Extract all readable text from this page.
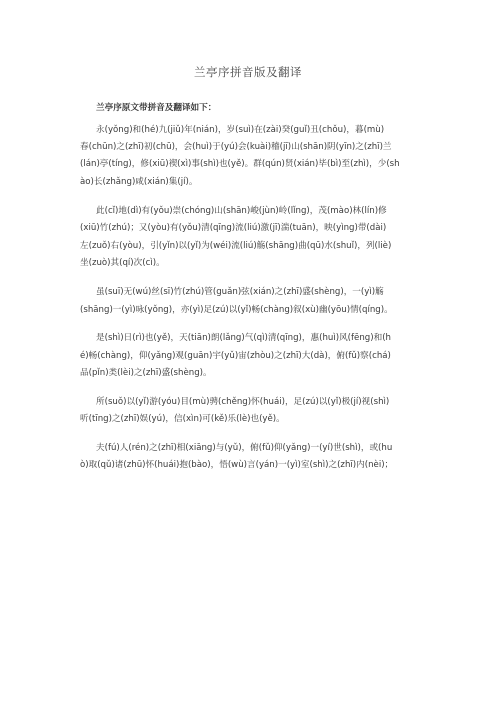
兰亭序拼音版及翻译
兰亭序原文带拼音及翻译如下：
永(yǒng)和(hé)九(jiǔ)年(nián)，岁(suì)在(zài)癸(guǐ)丑(chǒu)，暮(mù)
春(chūn)之(zhī)初(chū)，会(huì)于(yú)会(kuài)稽(jī)山(shān)阴(yīn)之(zhī)兰
(lán)亭(tíng)，修(xiū)禊(xì)事(shì)也(yě)。群(qún)贤(xián)毕(bì)至(zhì)，少(sh
ào)长(zhǎng)咸(xián)集(jí)。
此(cǐ)地(dì)有(yǒu)崇(chóng)山(shān)峻(jùn)岭(lǐng)，茂(mào)林(lín)修
(xiū)竹(zhú)；又(yòu)有(yǒu)清(qīng)流(liú)激(jī)湍(tuān)，映(yìng)带(dài)
左(zuǒ)右(yòu)，引(yǐn)以(yǐ)为(wéi)流(liú)觞(shāng)曲(qū)水(shuǐ)，列(liè)
坐(zuò)其(qí)次(cì)。
虽(suī)无(wú)丝(sī)竹(zhú)管(guǎn)弦(xián)之(zhī)盛(shèng)，一(yì)觞
(shāng)一(yì)咏(yǒng)，亦(yì)足(zú)以(yǐ)畅(chàng)叙(xù)幽(yōu)情(qíng)。
是(shì)日(rì)也(yě)，天(tiān)朗(lǎng)气(qì)清(qīng)，惠(huì)风(fēng)和(h
é)畅(chàng)，仰(yǎng)观(guān)宇(yǔ)宙(zhòu)之(zhī)大(dà)，俯(fǔ)察(chá)
品(pǐn)类(lèi)之(zhī)盛(shèng)。
所(suǒ)以(yǐ)游(yóu)目(mù)骋(chěng)怀(huái)，足(zú)以(yǐ)极(jí)视(shì)
听(tīng)之(zhī)娱(yú)，信(xìn)可(kě)乐(lè)也(yě)。
夫(fú)人(rén)之(zhī)相(xiāng)与(yǔ)，俯(fǔ)仰(yǎng)一(yí)世(shì)，或(hu
ò)取(qǔ)诸(zhū)怀(huái)抱(bào)，悟(wù)言(yán)一(yì)室(shì)之(zhī)内(nèi)；
